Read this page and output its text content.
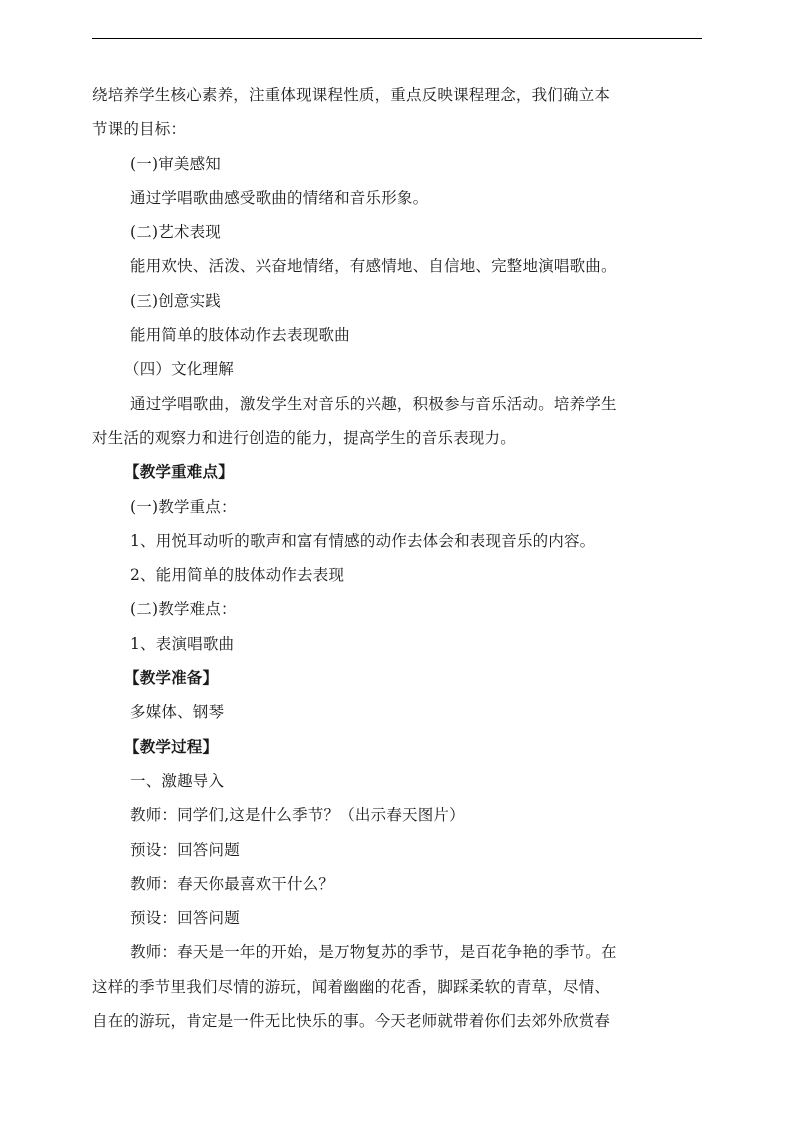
绕培养学生核心素养，注重体现课程性质，重点反映课程理念，我们确立本
节课的目标：
(一)审美感知
通过学唱歌曲感受歌曲的情绪和音乐形象。
(二)艺术表现
能用欢快、活泼、兴奋地情绪，有感情地、自信地、完整地演唱歌曲。
(三)创意实践
能用简单的肢体动作去表现歌曲
（四）文化理解
通过学唱歌曲，激发学生对音乐的兴趣，积极参与音乐活动。培养学生
对生活的观察力和进行创造的能力，提高学生的音乐表现力。
【教学重难点】
(一)教学重点：
1、用悦耳动听的歌声和富有情感的动作去体会和表现音乐的内容。
2、能用简单的肢体动作去表现
(二)教学难点：
1、表演唱歌曲
【教学准备】
多媒体、钢琴
【教学过程】
一、激趣导入
教师：同学们,这是什么季节？（出示春天图片）
预设：回答问题
教师：春天你最喜欢干什么？
预设：回答问题
教师：春天是一年的开始，是万物复苏的季节，是百花争艳的季节。在
这样的季节里我们尽情的游玩，闻着幽幽的花香，脚踩柔软的青草，尽情、
自在的游玩，肯定是一件无比快乐的事。今天老师就带着你们去郊外欣赏春
